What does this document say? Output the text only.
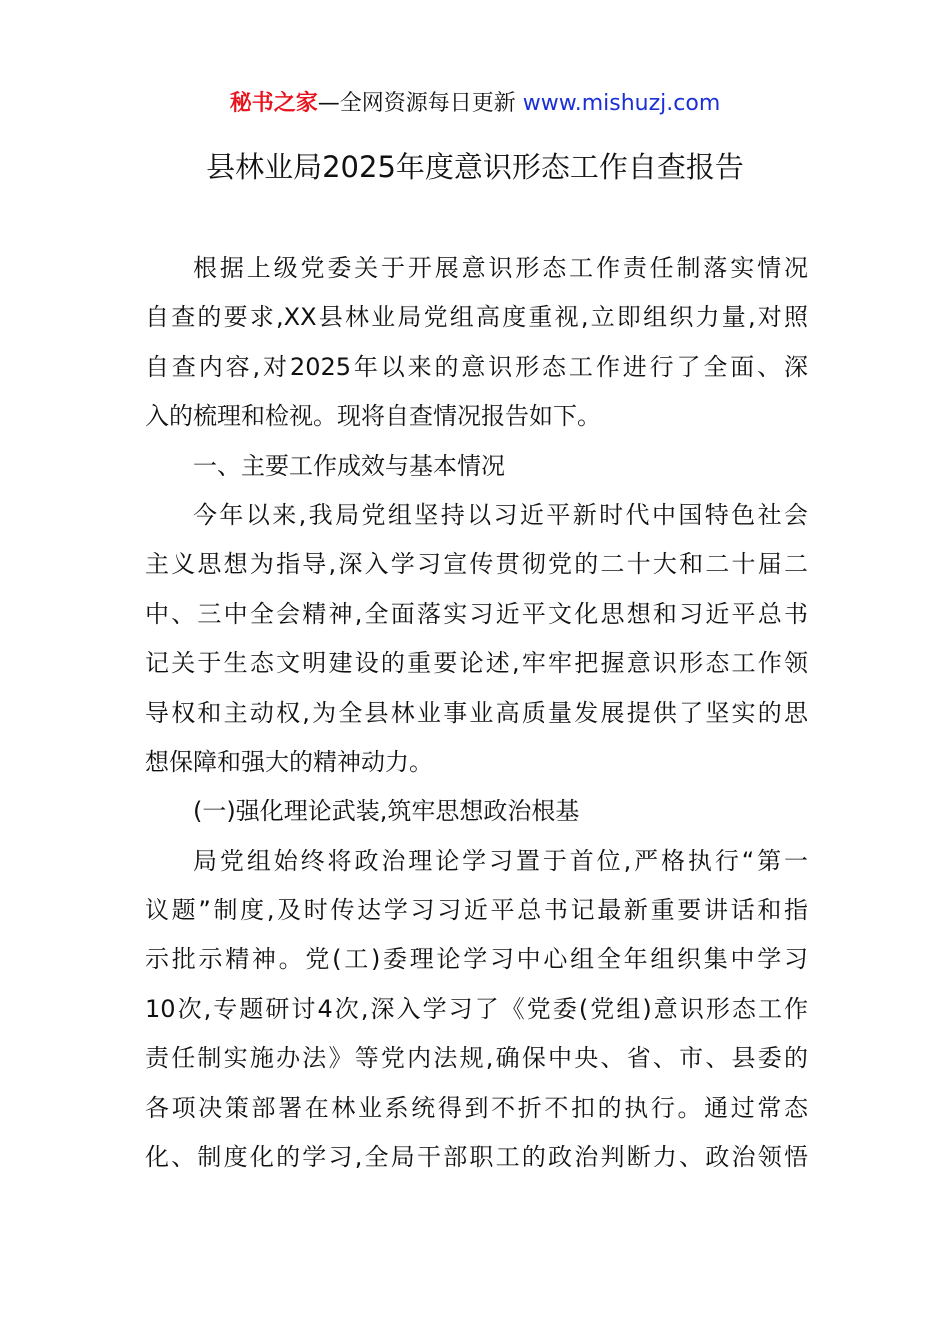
秘书之家—全网资源每日更新 www.mishuzj.com
县林业局2025年度意识形态工作自查报告
根据上级党委关于开展意识形态工作责任制落实情况
自查的要求,XX县林业局党组高度重视,立即组织力量,对照
自查内容,对2025年以来的意识形态工作进行了全面、深
入的梳理和检视。现将自查情况报告如下。
一、主要工作成效与基本情况
今年以来,我局党组坚持以习近平新时代中国特色社会
主义思想为指导,深入学习宣传贯彻党的二十大和二十届二
中、三中全会精神,全面落实习近平文化思想和习近平总书
记关于生态文明建设的重要论述,牢牢把握意识形态工作领
导权和主动权,为全县林业事业高质量发展提供了坚实的思
想保障和强大的精神动力。
(一)强化理论武装,筑牢思想政治根基
局党组始终将政治理论学习置于首位,严格执行“第一
议题”制度,及时传达学习习近平总书记最新重要讲话和指
示批示精神。党(工)委理论学习中心组全年组织集中学习
10次,专题研讨4次,深入学习了《党委(党组)意识形态工作
责任制实施办法》等党内法规,确保中央、省、市、县委的
各项决策部署在林业系统得到不折不扣的执行。通过常态
化、制度化的学习,全局干部职工的政治判断力、政治领悟
